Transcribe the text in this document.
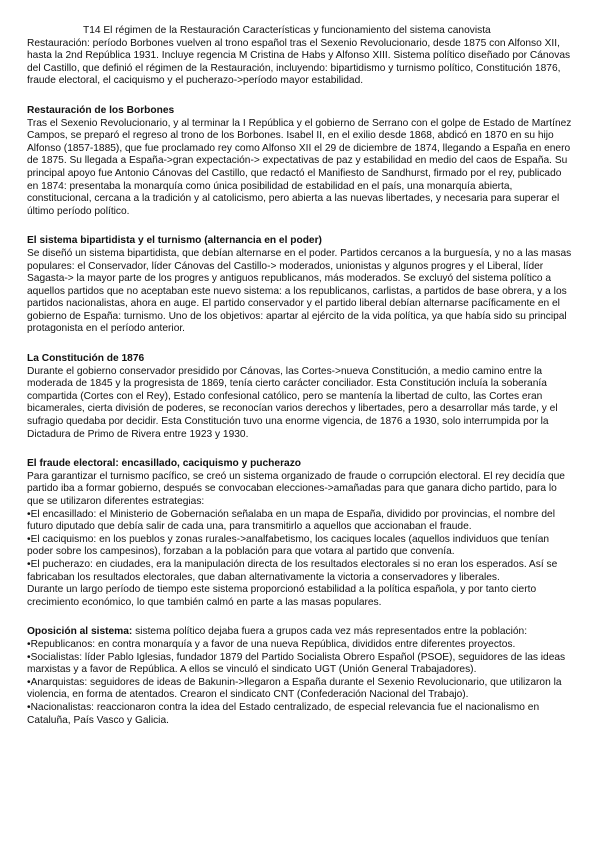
T14 El régimen de la Restauración Características y funcionamiento del sistema canovista

Restauración: período Borbones vuelven al trono español tras el Sexenio Revolucionario, desde 1875 con Alfonso XII, hasta la 2nd República 1931. Incluye regencia M Cristina de Habs y Alfonso XIII. Sistema político diseñado por Cánovas del Castillo, que definió el régimen de la Restauración, incluyendo: bipartidismo y turnismo político, Constitución 1876, fraude electoral, el caciquismo y el pucherazo->período mayor estabilidad.

Restauración de los Borbones

Tras el Sexenio Revolucionario, y al terminar la I República y el gobierno de Serrano con el golpe de Estado de Martínez Campos, se preparó el regreso al trono de los Borbones. Isabel II, en el exilio desde 1868, abdicó en 1870 en su hijo Alfonso (1857-1885), que fue proclamado rey como Alfonso XII el 29 de diciembre de 1874, llegando a España en enero de 1875. Su llegada a España->gran expectación-> expectativas de paz y estabilidad en medio del caos de España. Su principal apoyo fue Antonio Cánovas del Castillo, que redactó el Manifiesto de Sandhurst, firmado por el rey, publicado en 1874: presentaba la monarquía como única posibilidad de estabilidad en el país, una monarquía abierta, constitucional, cercana a la tradición y al catolicismo, pero abierta a las nuevas libertades, y necesaria para superar el último período político.

El sistema bipartidista y el turnismo (alternancia en el poder)

Se diseñó un sistema bipartidista, que debían alternarse en el poder. Partidos cercanos a la burguesía, y no a las masas populares: el Conservador, líder Cánovas del Castillo-> moderados, unionistas y algunos progres y el Liberal, líder Sagasta-> la mayor parte de los progres y antiguos republicanos, más moderados. Se excluyó del sistema político a aquellos partidos que no aceptaban este nuevo sistema: a los republicanos, carlistas, a partidos de base obrera, y a los partidos nacionalistas, ahora en auge. El partido conservador y el partido liberal debían alternarse pacíficamente en el gobierno de España: turnismo. Uno de los objetivos: apartar al ejército de la vida política, ya que había sido su principal protagonista en el período anterior.

La Constitución de 1876

Durante el gobierno conservador presidido por Cánovas, las Cortes->nueva Constitución, a medio camino entre la moderada de 1845 y la progresista de 1869, tenía cierto carácter conciliador. Esta Constitución incluía la soberanía compartida (Cortes con el Rey), Estado confesional católico, pero se mantenía la libertad de culto, las Cortes eran bicamerales, cierta división de poderes, se reconocían varios derechos y libertades, pero a desarrollar más tarde, y el sufragio quedaba por decidir. Esta Constitución tuvo una enorme vigencia, de 1876 a 1930, solo interrumpida por la Dictadura de Primo de Rivera entre 1923 y 1930.

El fraude electoral: encasillado, caciquismo y pucherazo

Para garantizar el turnismo pacífico, se creó un sistema organizado de fraude o corrupción electoral. El rey decidía que partido iba a formar gobierno, después se convocaban elecciones->amañadas para que ganara dicho partido, para lo que se utilizaron diferentes estrategias:

• El encasillado: el Ministerio de Gobernación señalaba en un mapa de España, dividido por provincias, el nombre del futuro diputado que debía salir de cada una, para transmitirlo a aquellos que accionaban el fraude.

• El caciquismo: en los pueblos y zonas rurales->analfabetismo, los caciques locales (aquellos individuos que tenían poder sobre los campesinos), forzaban a la población para que votara al partido que convenía.

• El pucherazo: en ciudades, era la manipulación directa de los resultados electorales si no eran los esperados. Así se fabricaban los resultados electorales, que daban alternativamente la victoria a conservadores y liberales.

Durante un largo período de tiempo este sistema proporcionó estabilidad a la política española, y por tanto cierto crecimiento económico, lo que también calmó en parte a las masas populares.

Oposición al sistema: sistema político dejaba fuera a grupos cada vez más representados entre la población:

• Republicanos: en contra monarquía y a favor de una nueva República, divididos entre diferentes proyectos.

• Socialistas: líder Pablo Iglesias, fundador 1879 del Partido Socialista Obrero Español (PSOE), seguidores de las ideas marxistas y a favor de República. A ellos se vinculó el sindicato UGT (Unión General Trabajadores).

• Anarquistas: seguidores de ideas de Bakunin->llegaron a España durante el Sexenio Revolucionario, que utilizaron la violencia, en forma de atentados. Crearon el sindicato CNT (Confederación Nacional del Trabajo).

• Nacionalistas: reaccionaron contra la idea del Estado centralizado, de especial relevancia fue el nacionalismo en Cataluña, País Vasco y Galicia.
